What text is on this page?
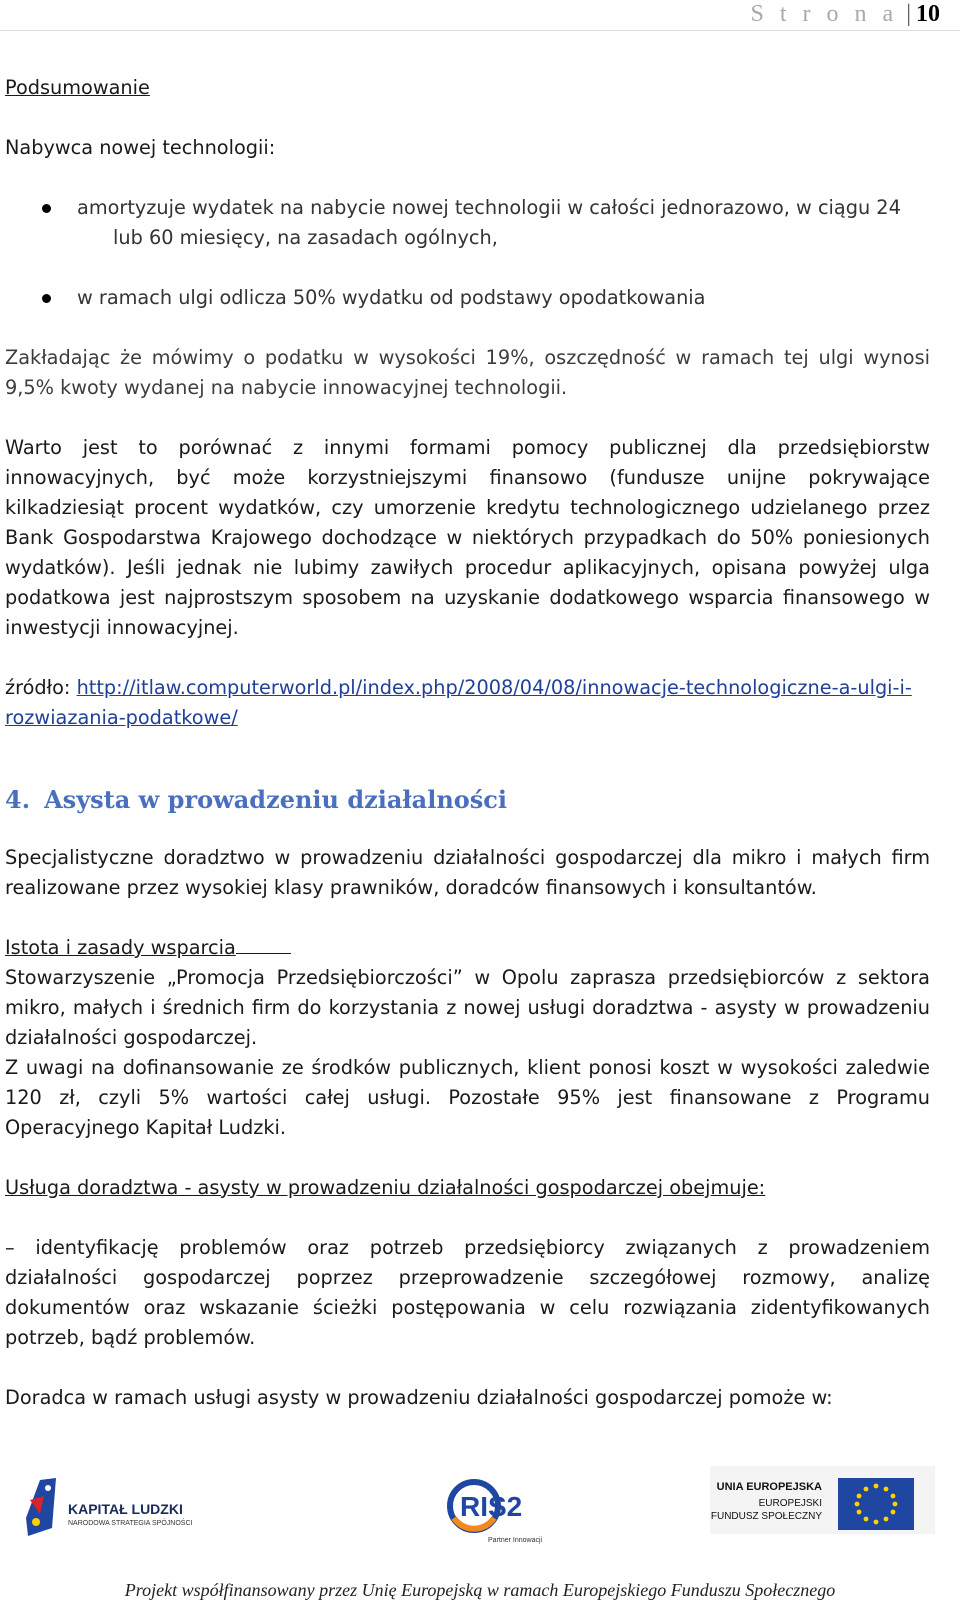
S t r o n a |10

Podsumowanie

Nabywca nowej technologii:

amortyzuje wydatek na nabycie nowej technologii w całości jednorazowo, w ciągu 24 lub 60 miesięcy, na zasadach ogólnych,
w ramach ulgi odlicza 50% wydatku od podstawy opodatkowania

Zakładając że mówimy o podatku w wysokości 19%, oszczędność w ramach tej ulgi wynosi 9,5% kwoty wydanej na nabycie innowacyjnej technologii.

Warto jest to porównać z innymi formami pomocy publicznej dla przedsiębiorstw innowacyjnych, być może korzystniejszymi finansowo (fundusze unijne pokrywające kilkadziesiąt procent wydatków, czy umorzenie kredytu technologicznego udzielanego przez Bank Gospodarstwa Krajowego dochodzące w niektórych przypadkach do 50% poniesionych wydatków). Jeśli jednak nie lubimy zawiłych procedur aplikacyjnych, opisana powyżej ulga podatkowa jest najprostszym sposobem na uzyskanie dodatkowego wsparcia finansowego w inwestycji innowacyjnej.

źródło: http://itlaw.computerworld.pl/index.php/2008/04/08/innowacje-technologiczne-a-ulgi-i-rozwiazania-podatkowe/

4. Asysta w prowadzeniu działalności

Specjalistyczne doradztwo w prowadzeniu działalności gospodarczej dla mikro i małych firm realizowane przez wysokiej klasy prawników, doradców finansowych i konsultantów.

Istota i zasady wsparcia

Stowarzyszenie „Promocja Przedsiębiorczości” w Opolu zaprasza przedsiębiorców z sektora mikro, małych i średnich firm do korzystania z nowej usługi doradztwa - asysty w prowadzeniu działalności gospodarczej.

Z uwagi na dofinansowanie ze środków publicznych, klient ponosi koszt w wysokości zaledwie 120 zł, czyli 5% wartości całej usługi. Pozostałe 95% jest finansowane z Programu Operacyjnego Kapitał Ludzki.

Usługa doradztwa - asysty w prowadzeniu działalności gospodarczej obejmuje:

– identyfikację problemów oraz potrzeb przedsiębiorcy związanych z prowadzeniem działalności gospodarczej poprzez przeprowadzenie szczegółowej rozmowy, analizę dokumentów oraz wskazanie ścieżki postępowania w celu rozwiązania zidentyfikowanych potrzeb, bądź problemów.

Doradca w ramach usługi asysty w prowadzeniu działalności gospodarczej pomoże w:

KAPITAŁ LUDZKI
NARODOWA STRATEGIA SPÓJNOŚCI
RIS2
Partner Innowacji
UNIA EUROPEJSKA
EUROPEJSKI
FUNDUSZ SPOŁECZNY
Projekt współfinansowany przez Unię Europejską w ramach Europejskiego Funduszu Społecznego
